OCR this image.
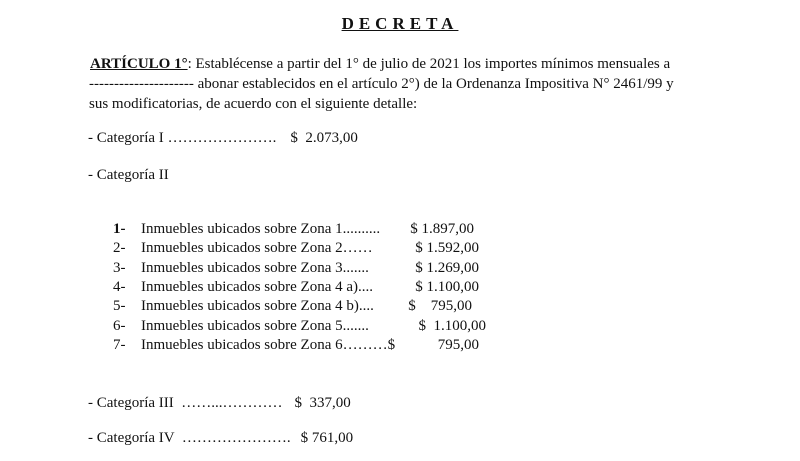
DECRETA
ARTÍCULO 1°: Establécense a partir del 1° de julio de 2021 los importes mínimos mensuales a
--------------------- abonar establecidos en el artículo 2°) de la Ordenanza Impositiva N° 2461/99 y
sus modificatorias, de acuerdo con el siguiente detalle:
- Categoría I …………………. $  2.073,00
- Categoría II
1-	Inmuebles ubicados sobre Zona 1..........	$ 1.897,00
2-	Inmuebles ubicados sobre Zona 2……	$ 1.592,00
3-	Inmuebles ubicados sobre Zona 3.......	$ 1.269,00
4-	Inmuebles ubicados sobre Zona 4 a)....	$ 1.100,00
5-	Inmuebles ubicados sobre Zona 4 b)....	$    795,00
6-	Inmuebles ubicados sobre Zona 5.......	$  1.100,00
7-	Inmuebles ubicados sobre Zona 6………$	795,00
- Categoría III  ……...………… $  337,00
- Categoría IV  …………………. $ 761,00
